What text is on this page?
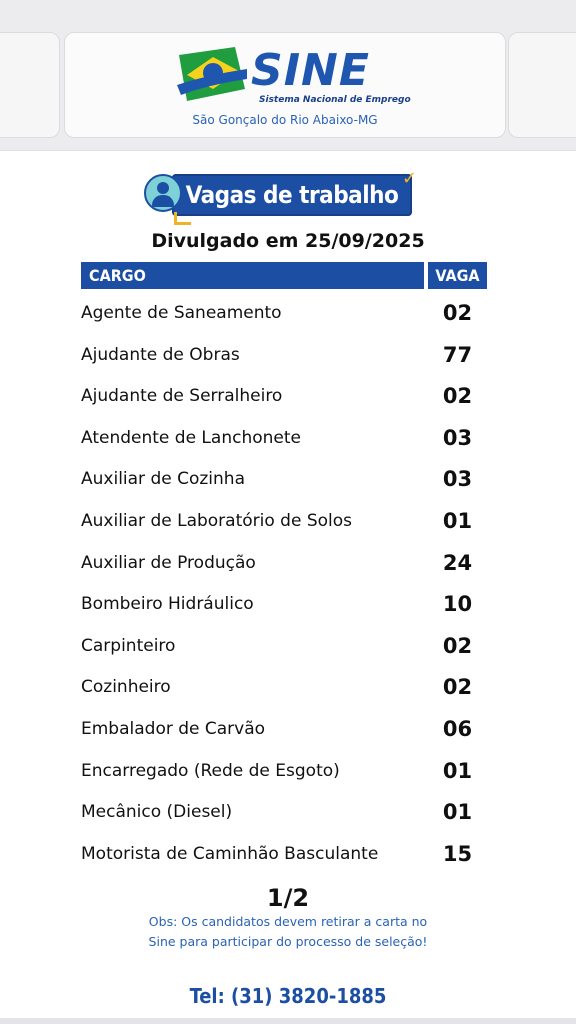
SINE
Sistema Nacional de Emprego
São Gonçalo do Rio Abaixo-MG
Vagas de trabalho
✓
Divulgado em 25/09/2025
CARGO	VAGA
Agente de Saneamento	02
Ajudante de Obras	77
Ajudante de Serralheiro	02
Atendente de Lanchonete	03
Auxiliar de Cozinha	03
Auxiliar de Laboratório de Solos	01
Auxiliar de Produção	24
Bombeiro Hidráulico	10
Carpinteiro	02
Cozinheiro	02
Embalador de Carvão	06
Encarregado (Rede de Esgoto)	01
Mecânico (Diesel)	01
Motorista de Caminhão Basculante	15
1/2
Obs: Os candidatos devem retirar a carta no
Sine para participar do processo de seleção!
Tel: (31) 3820-1885
